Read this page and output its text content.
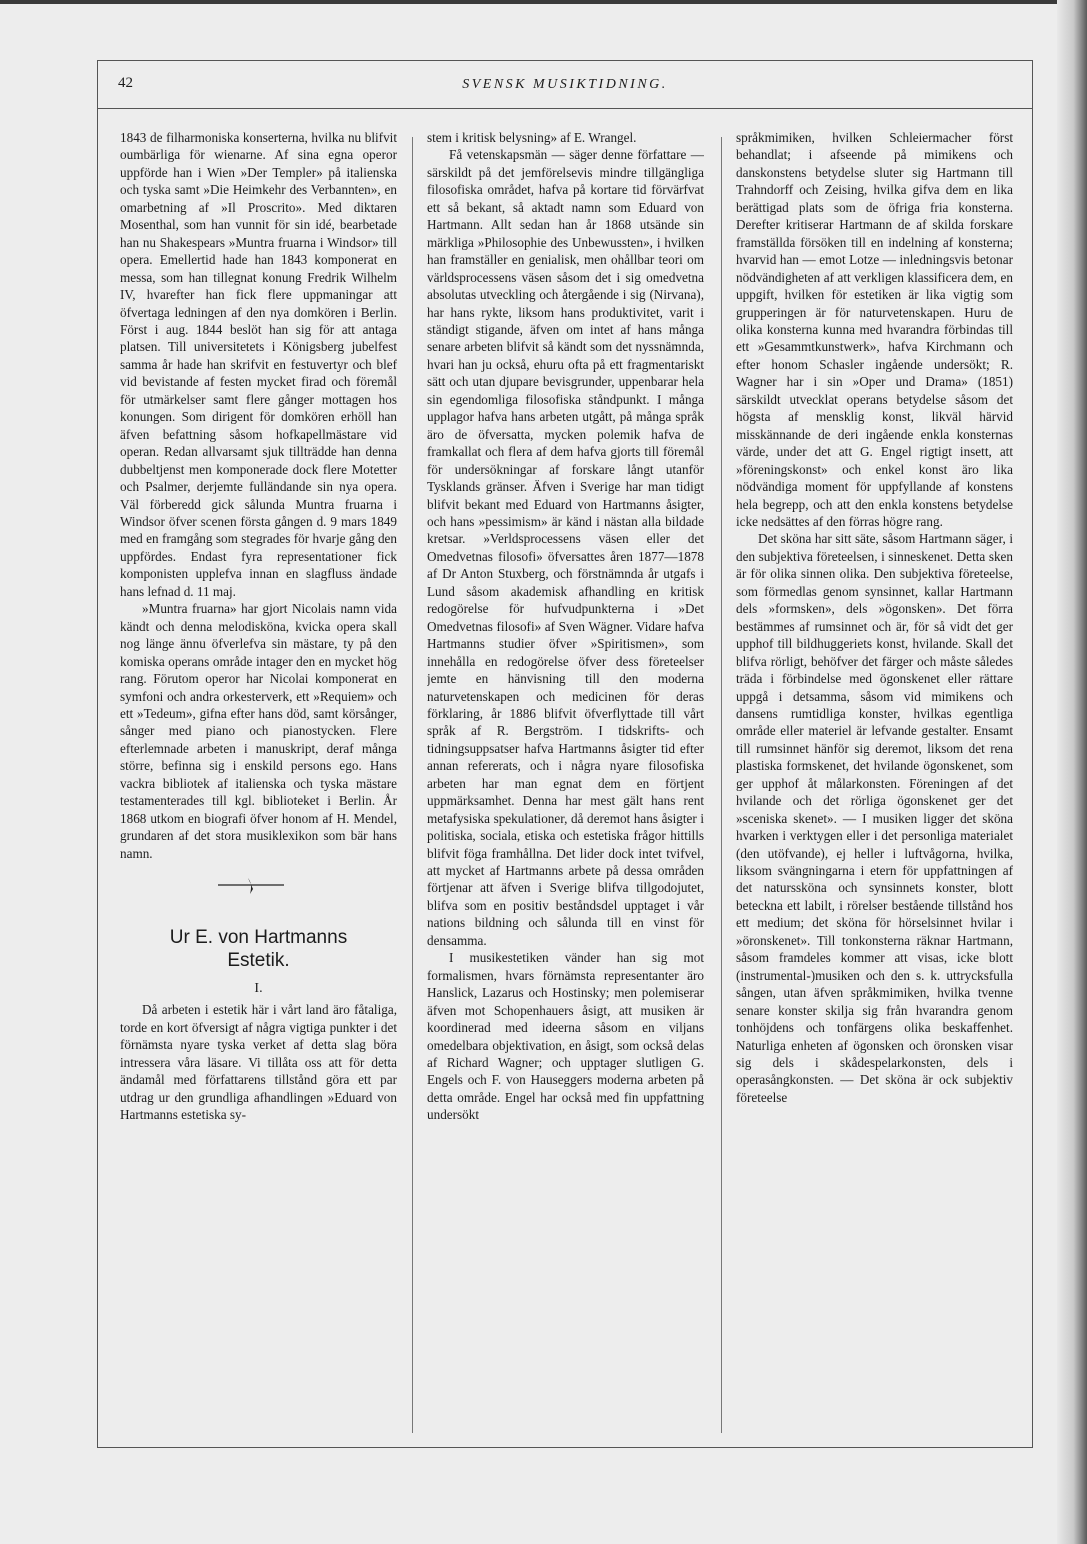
42	SVENSK MUSIKTIDNING.

1843 de filharmoniska konserterna, hvilka nu blifvit oumbärliga för wienarne. Af sina egna operor uppförde han i Wien »Der Templer» på italienska och tyska samt »Die Heimkehr des Verbannten», en omarbetning af »Il Proscrito». Med diktaren Mosenthal, som han vunnit för sin idé, bearbetade han nu Shakespears »Muntra fruarna i Windsor» till opera. Emellertid hade han 1843 komponerat en messa, som han tillegnat konung Fredrik Wilhelm IV, hvarefter han fick flere uppmaningar att öfvertaga ledningen af den nya domkören i Berlin. Först i aug. 1844 beslöt han sig för att antaga platsen. Till universitetets i Königsberg jubelfest samma år hade han skrifvit en festuvertyr och blef vid bevistande af festen mycket firad och föremål för utmärkelser samt flere gånger mottagen hos konungen. Som dirigent för domkören erhöll han äfven befattning såsom hofkapellmästare vid operan. Redan allvarsamt sjuk tillträdde han denna dubbeltjenst men komponerade dock flere Motetter och Psalmer, derjemte fulländande sin nya opera. Väl förberedd gick sålunda Muntra fruarna i Windsor öfver scenen första gången d. 9 mars 1849 med en framgång som stegrades för hvarje gång den uppfördes. Endast fyra representationer fick komponisten upplefva innan en slagfluss ändade hans lefnad d. 11 maj.

»Muntra fruarna» har gjort Nicolais namn vida kändt och denna melodisköna, kvicka opera skall nog länge ännu öfverlefva sin mästare, ty på den komiska operans område intager den en mycket hög rang. Förutom operor har Nicolai komponerat en symfoni och andra orkesterverk, ett »Requiem» och ett »Tedeum», gifna efter hans död, samt körsånger, sånger med piano och pianostycken. Flere efterlemnade arbeten i manuskript, deraf många större, befinna sig i enskild persons ego. Hans vackra bibliotek af italienska och tyska mästare testamenterades till kgl. biblioteket i Berlin. År 1868 utkom en biografi öfver honom af H. Mendel, grundaren af det stora musiklexikon som bär hans namn.

Ur E. von Hartmanns
Estetik.
I.

Då arbeten i estetik här i vårt land äro fåtaliga, torde en kort öfversigt af några vigtiga punkter i det förnämsta nyare tyska verket af detta slag böra intressera våra läsare. Vi tillåta oss att för detta ändamål med författarens tillstånd göra ett par utdrag ur den grundliga afhandlingen »Eduard von Hartmanns estetiska sy-

stem i kritisk belysning» af E. Wrangel.

Få vetenskapsmän — säger denne författare — särskildt på det jemförelsevis mindre tillgängliga filosofiska området, hafva på kortare tid förvärfvat ett så bekant, så aktadt namn som Eduard von Hartmann. Allt sedan han år 1868 utsände sin märkliga »Philosophie des Unbewussten», i hvilken han framställer en genialisk, men ohållbar teori om världsprocessens väsen såsom det i sig omedvetna absolutas utveckling och återgående i sig (Nirvana), har hans rykte, liksom hans produktivitet, varit i ständigt stigande, äfven om intet af hans många senare arbeten blifvit så kändt som det nyssnämnda, hvari han ju också, ehuru ofta på ett fragmentariskt sätt och utan djupare bevisgrunder, uppenbarar hela sin egendomliga filosofiska ståndpunkt. I många upplagor hafva hans arbeten utgått, på många språk äro de öfversatta, mycken polemik hafva de framkallat och flera af dem hafva gjorts till föremål för undersökningar af forskare långt utanför Tysklands gränser. Äfven i Sverige har man tidigt blifvit bekant med Eduard von Hartmanns åsigter, och hans »pessimism» är känd i nästan alla bildade kretsar. »Verldsprocessens väsen eller det Omedvetnas filosofi» öfversattes åren 1877—1878 af Dr Anton Stuxberg, och förstnämnda år utgafs i Lund såsom akademisk afhandling en kritisk redogörelse för hufvudpunkterna i »Det Omedvetnas filosofi» af Sven Wägner. Vidare hafva Hartmanns studier öfver »Spiritismen», som innehålla en redogörelse öfver dess företeelser jemte en hänvisning till den moderna naturvetenskapen och medicinen för deras förklaring, år 1886 blifvit öfverflyttade till vårt språk af R. Bergström. I tidskrifts- och tidningsuppsatser hafva Hartmanns åsigter tid efter annan refererats, och i några nyare filosofiska arbeten har man egnat dem en förtjent uppmärksamhet. Denna har mest gält hans rent metafysiska spekulationer, då deremot hans åsigter i politiska, sociala, etiska och estetiska frågor hittills blifvit föga framhållna. Det lider dock intet tvifvel, att mycket af Hartmanns arbete på dessa områden förtjenar att äfven i Sverige blifva tillgodojutet, blifva som en positiv beståndsdel upptaget i vår nations bildning och sålunda till en vinst för densamma.

I musikestetiken vänder han sig mot formalismen, hvars förnämsta representanter äro Hanslick, Lazarus och Hostinsky; men polemiserar äfven mot Schopenhauers åsigt, att musiken är koordinerad med ideerna såsom en viljans omedelbara objektivation, en åsigt, som också delas af Richard Wagner; och upptager slutligen G. Engels och F. von Hauseggers moderna arbeten på detta område. Engel har också med fin uppfattning undersökt

språkmimiken, hvilken Schleiermacher först behandlat; i afseende på mimikens och danskonstens betydelse sluter sig Hartmann till Trahndorff och Zeising, hvilka gifva dem en lika berättigad plats som de öfriga fria konsterna. Derefter kritiserar Hartmann de af skilda forskare framställda försöken till en indelning af konsterna; hvarvid han — emot Lotze — inledningsvis betonar nödvändigheten af att verkligen klassificera dem, en uppgift, hvilken för estetiken är lika vigtig som grupperingen är för naturvetenskapen. Huru de olika konsterna kunna med hvarandra förbindas till ett »Gesammtkunstwerk», hafva Kirchmann och efter honom Schasler ingående undersökt; R. Wagner har i sin »Oper und Drama» (1851) särskildt utvecklat operans betydelse såsom det högsta af mensklig konst, likväl härvid misskännande de deri ingående enkla konsternas värde, under det att G. Engel rigtigt insett, att »föreningskonst» och enkel konst äro lika nödvändiga moment för uppfyllande af konstens hela begrepp, och att den enkla konstens betydelse icke nedsättes af den förras högre rang.

Det sköna har sitt säte, såsom Hartmann säger, i den subjektiva företeelsen, i sinneskenet. Detta sken är för olika sinnen olika. Den subjektiva företeelse, som förmedlas genom synsinnet, kallar Hartmann dels »formsken», dels »ögonsken». Det förra bestämmes af rumsinnet och är, för så vidt det ger upphof till bildhuggeriets konst, hvilande. Skall det blifva rörligt, behöfver det färger och måste således träda i förbindelse med ögonskenet eller rättare uppgå i detsamma, såsom vid mimikens och dansens rumtidliga konster, hvilkas egentliga område eller materiel är lefvande gestalter. Ensamt till rumsinnet hänför sig deremot, liksom det rena plastiska formskenet, det hvilande ögonskenet, som ger upphof åt målarkonsten. Föreningen af det hvilande och det rörliga ögonskenet ger det »sceniska skenet». — I musiken ligger det sköna hvarken i verktygen eller i det personliga materialet (den utöfvande), ej heller i luftvågorna, hvilka, liksom svängningarna i etern för uppfattningen af det naturssköna och synsinnets konster, blott beteckna ett labilt, i rörelser bestående tillstånd hos ett medium; det sköna för hörselsinnet hvilar i »öronskenet». Till tonkonsterna räknar Hartmann, såsom framdeles kommer att visas, icke blott (instrumental-)musiken och den s. k. uttrycksfulla sången, utan äfven språkmimiken, hvilka tvenne senare konster skilja sig från hvarandra genom tonhöjdens och tonfärgens olika beskaffenhet. Naturliga enheten af ögonsken och öronsken visar sig dels i skådespelarkonsten, dels i operasångkonsten. — Det sköna är ock subjektiv företeelse
